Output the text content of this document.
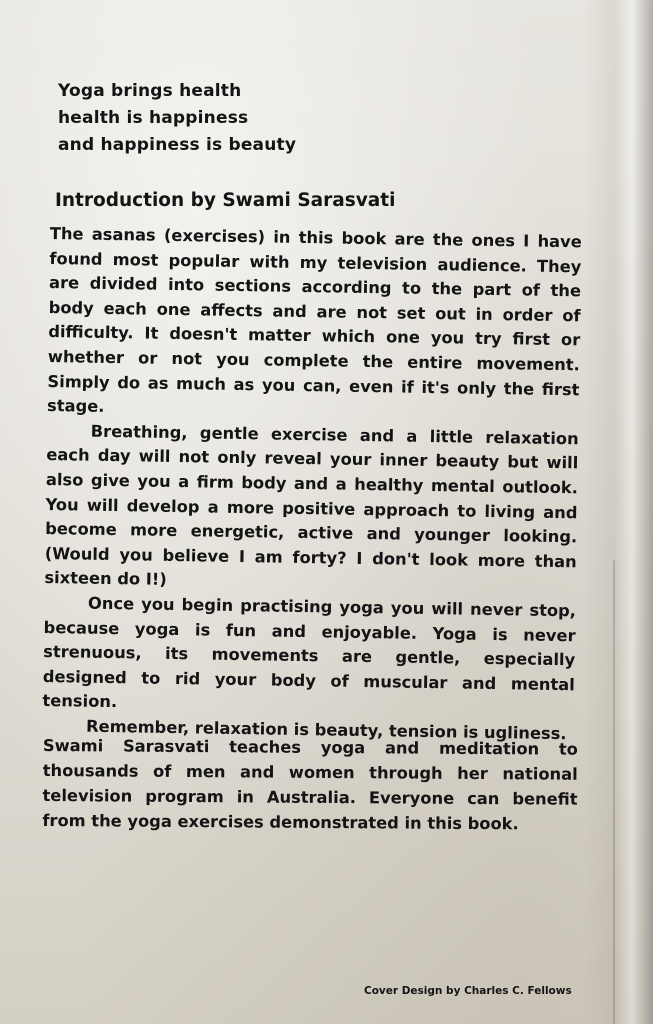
Yoga brings health
health is happiness
and happiness is beauty
Introduction by Swami Sarasvati

The asanas (exercises) in this book are the ones I have found most popular with my television audience. They are divided into sections according to the part of the body each one affects and are not set out in order of difficulty. It doesn't matter which one you try first or whether or not you complete the entire movement. Simply do as much as you can, even if it's only the first stage.

Breathing, gentle exercise and a little relaxation each day will not only reveal your inner beauty but will also give you a firm body and a healthy mental outlook. You will develop a more positive approach to living and become more energetic, active and younger looking. (Would you believe I am forty? I don't look more than sixteen do I!)

Once you begin practising yoga you will never stop, because yoga is fun and enjoyable. Yoga is never strenuous, its movements are gentle, especially designed to rid your body of muscular and mental tension.

Remember, relaxation is beauty, tension is ugliness.

Swami Sarasvati teaches yoga and meditation to thousands of men and women through her national television program in Australia. Everyone can benefit from the yoga exercises demonstrated in this book.
Cover Design by Charles C. Fellows
